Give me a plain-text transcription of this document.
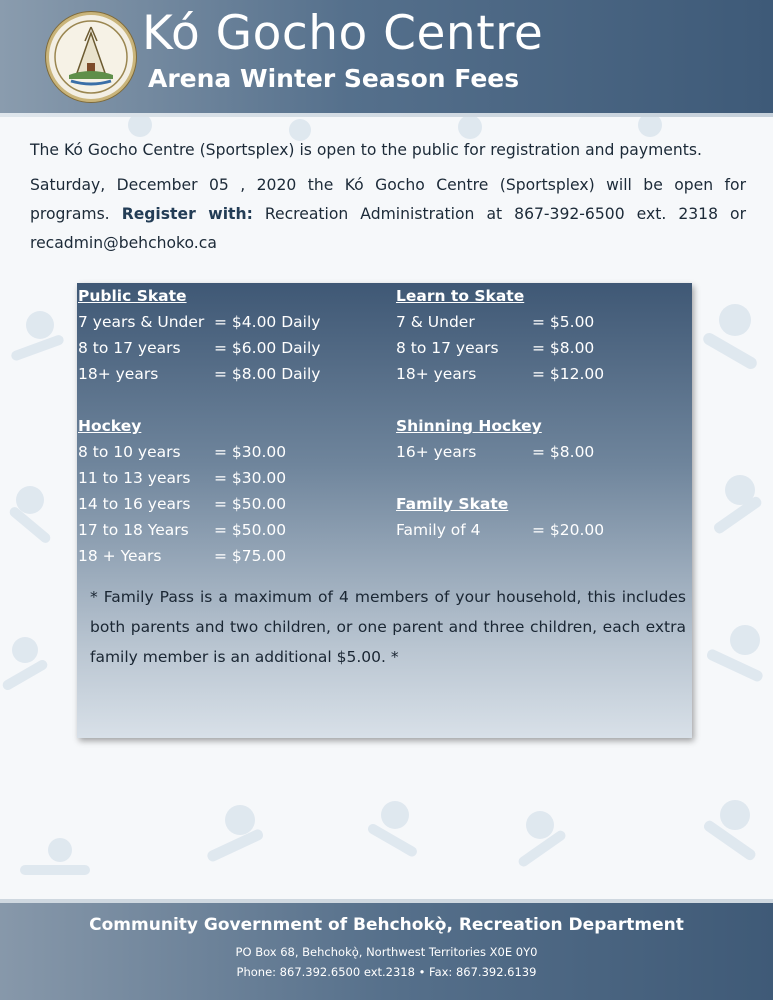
Kó Gocho Centre
Arena Winter Season Fees

The Kó Gocho Centre (Sportsplex) is open to the public for registration and payments.

Saturday, December 05 , 2020 the Kó Gocho Centre (Sportsplex) will be open for programs. Register with: Recreation Administration at 867-392-6500 ext. 2318 or recadmin@behchoko.ca

Public Skate
7 years & Under = $4.00 Daily
8 to 17 years = $6.00 Daily
18+ years	= $8.00 Daily
Hockey
8 to 10 years = $30.00
11 to 13 years = $30.00
14 to 16 years = $50.00
17 to 18 Years = $50.00
18 + Years	= $75.00
Learn to Skate
7 & Under	= $5.00
8 to 17 years = $8.00
18+ years	= $12.00
Shinning Hockey
16+ years	= $8.00
Family Skate
Family of 4	= $20.00
* Family Pass is a maximum of 4 members of your household, this includes both parents and two children, or one parent and three children, each extra family member is an additional $5.00. *
Community Government of Behchokǫ̀, Recreation Department
PO Box 68, Behchokǫ̀, Northwest Territories X0E 0Y0
Phone: 867.392.6500 ext.2318 • Fax: 867.392.6139
